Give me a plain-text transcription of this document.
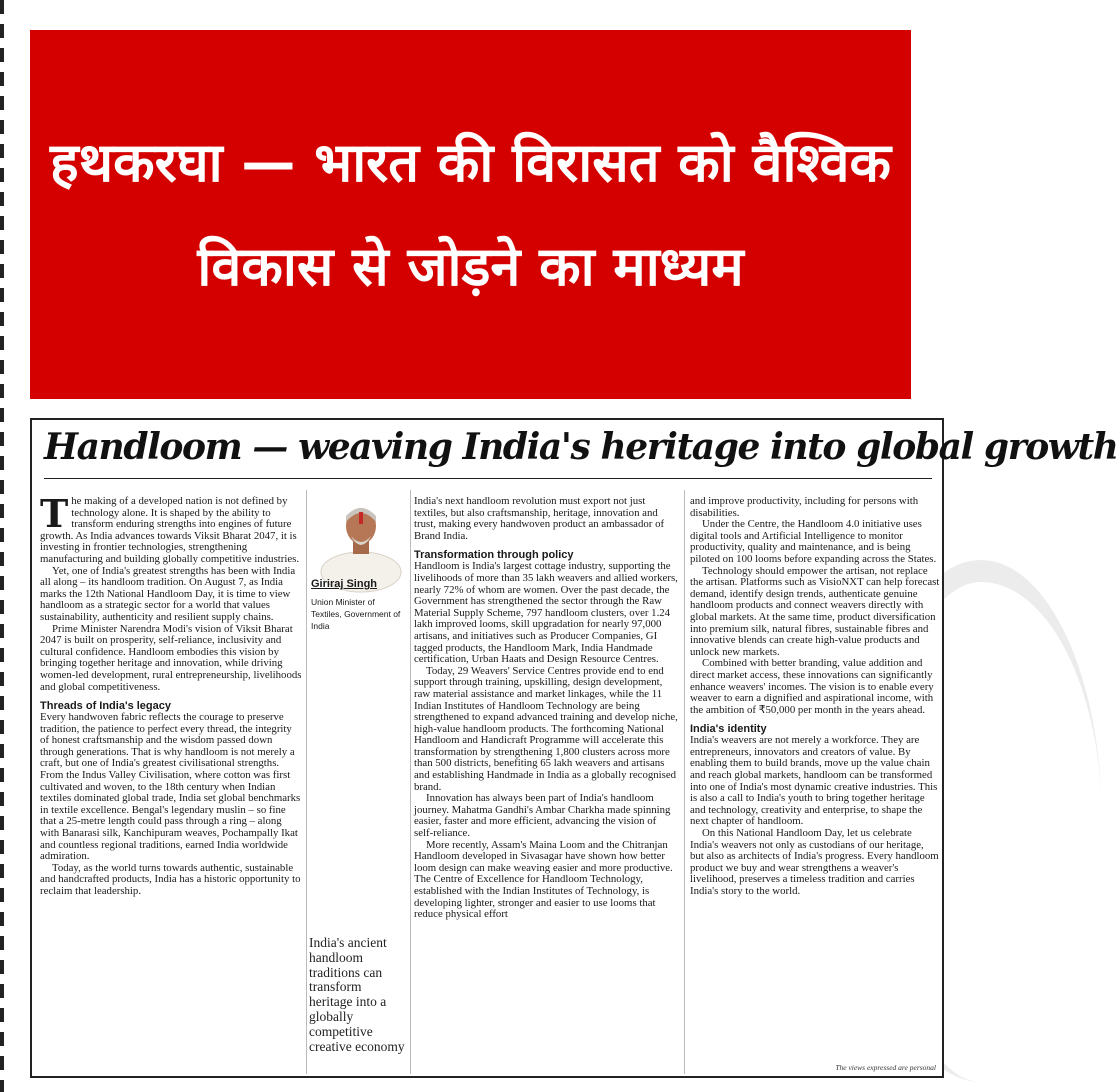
हथकरघा — भारत की विरासत को वैश्विक विकास से जोड़ने का माध्यम
Handloom — weaving India's heritage into global growth

The making of a developed nation is not defined by technology alone. It is shaped by the ability to transform enduring strengths into engines of future growth. As India advances towards Viksit Bharat 2047, it is investing in frontier technologies, strengthening manufacturing and building globally competitive industries.

Yet, one of India's greatest strengths has been with India all along – its handloom tradition. On August 7, as India marks the 12th National Handloom Day, it is time to view handloom as a strategic sector for a world that values sustainability, authenticity and resilient supply chains.

Prime Minister Narendra Modi's vision of Viksit Bharat 2047 is built on prosperity, self-reliance, inclusivity and cultural confidence. Handloom embodies this vision by bringing together heritage and innovation, while driving women-led development, rural entrepreneurship, livelihoods and global competitiveness.

Threads of India's legacy

Every handwoven fabric reflects the courage to preserve tradition, the patience to perfect every thread, the integrity of honest craftsmanship and the wisdom passed down through generations. That is why handloom is not merely a craft, but one of India's greatest civilisational strengths. From the Indus Valley Civilisation, where cotton was first cultivated and woven, to the 18th century when Indian textiles dominated global trade, India set global benchmarks in textile excellence. Bengal's legendary muslin – so fine that a 25-metre length could pass through a ring – along with Banarasi silk, Kanchipuram weaves, Pochampally Ikat and countless regional traditions, earned India worldwide admiration.

Today, as the world turns towards authentic, sustainable and handcrafted products, India has a historic opportunity to reclaim that leadership.

Giriraj Singh

Union Minister of Textiles, Government of India

India's ancient handloom traditions can transform heritage into a globally competitive creative economy

India's next handloom revolution must export not just textiles, but also craftsmanship, heritage, innovation and trust, making every handwoven product an ambassador of Brand India.

Transformation through policy

Handloom is India's largest cottage industry, supporting the livelihoods of more than 35 lakh weavers and allied workers, nearly 72% of whom are women. Over the past decade, the Government has strengthened the sector through the Raw Material Supply Scheme, 797 handloom clusters, over 1.24 lakh improved looms, skill upgradation for nearly 97,000 artisans, and initiatives such as Producer Companies, GI tagged products, the Handloom Mark, India Handmade certification, Urban Haats and Design Resource Centres.

Today, 29 Weavers' Service Centres provide end to end support through training, upskilling, design development, raw material assistance and market linkages, while the 11 Indian Institutes of Handloom Technology are being strengthened to expand advanced training and develop niche, high-value handloom products. The forthcoming National Handloom and Handicraft Programme will accelerate this transformation by strengthening 1,800 clusters across more than 500 districts, benefiting 65 lakh weavers and artisans and establishing Handmade in India as a globally recognised brand.

Innovation has always been part of India's handloom journey. Mahatma Gandhi's Ambar Charkha made spinning easier, faster and more efficient, advancing the vision of self-reliance.

More recently, Assam's Maina Loom and the Chitranjan Handloom developed in Sivasagar have shown how better loom design can make weaving easier and more productive. The Centre of Excellence for Handloom Technology, established with the Indian Institutes of Technology, is developing lighter, stronger and easier to use looms that reduce physical effort

and improve productivity, including for persons with disabilities.

Under the Centre, the Handloom 4.0 initiative uses digital tools and Artificial Intelligence to monitor productivity, quality and maintenance, and is being piloted on 100 looms before expanding across the States.

Technology should empower the artisan, not replace the artisan. Platforms such as VisioNXT can help forecast demand, identify design trends, authenticate genuine handloom products and connect weavers directly with global markets. At the same time, product diversification into premium silk, natural fibres, sustainable fibres and innovative blends can create high-value products and unlock new markets.

Combined with better branding, value addition and direct market access, these innovations can significantly enhance weavers' incomes. The vision is to enable every weaver to earn a dignified and aspirational income, with the ambition of ₹50,000 per month in the years ahead.

India's identity

India's weavers are not merely a workforce. They are entrepreneurs, innovators and creators of value. By enabling them to build brands, move up the value chain and reach global markets, handloom can be transformed into one of India's most dynamic creative industries. This is also a call to India's youth to bring together heritage and technology, creativity and enterprise, to shape the next chapter of handloom.

On this National Handloom Day, let us celebrate India's weavers not only as custodians of our heritage, but also as architects of India's progress. Every handloom product we buy and wear strengthens a weaver's livelihood, preserves a timeless tradition and carries India's story to the world.

The views expressed are personal
